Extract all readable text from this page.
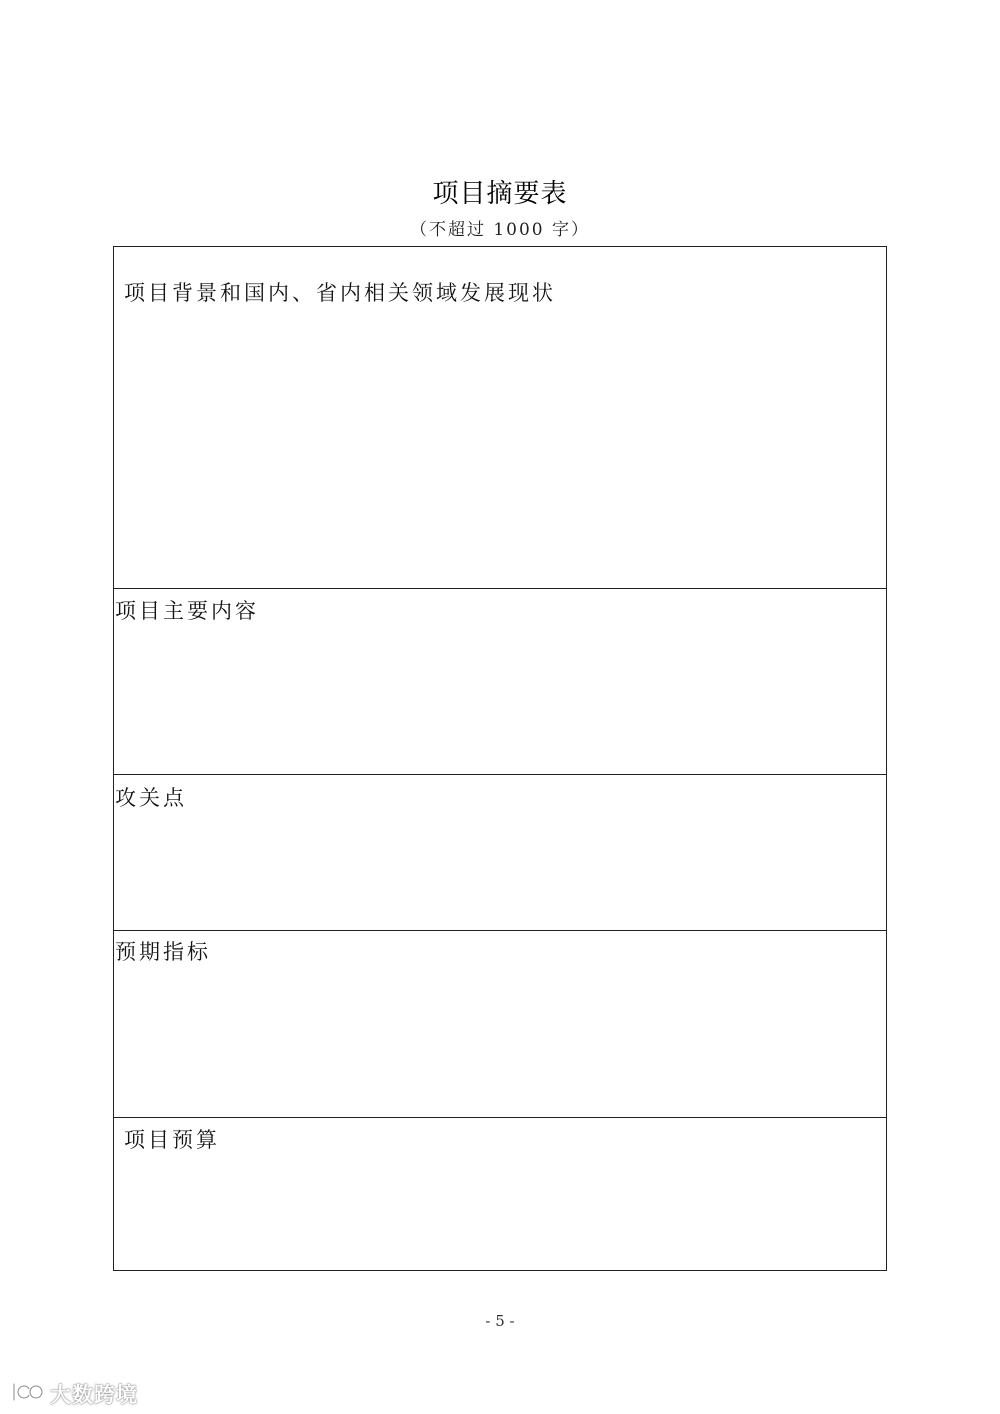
项目摘要表
（不超过 1000 字）
项目背景和国内、省内相关领域发展现状
项目主要内容
攻关点
预期指标
项目预算
- 5 -
大数跨境
